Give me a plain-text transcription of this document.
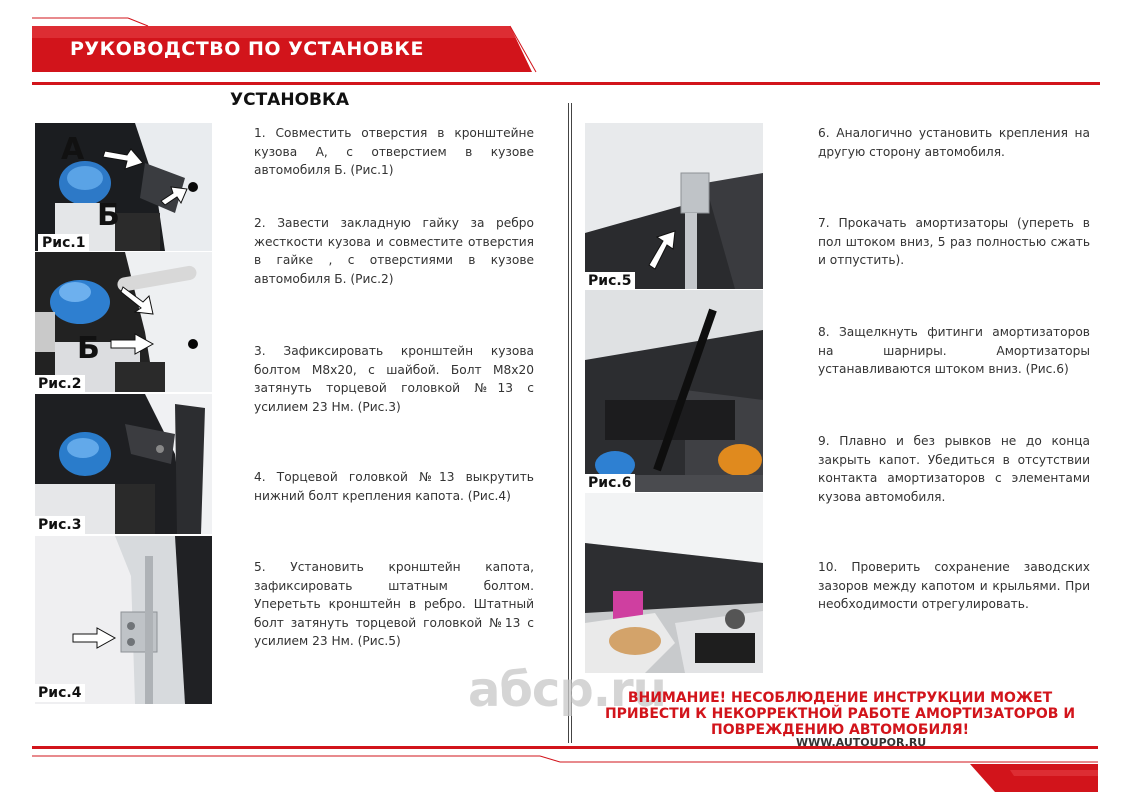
РУКОВОДСТВО ПО УСТАНОВКЕ
УСТАНОВКА
А
Б
Рис.1
Б
Рис.2
Рис.3
Рис.4

1. Совместить отверстия в кронштейне кузова А, с отверстием в кузове автомобиля Б. (Рис.1)

2. Завести закладную гайку за ребро жесткости кузова и совместите отверстия в гайке , с отверстиями в кузове автомобиля Б. (Рис.2)

3. Зафиксировать кронштейн кузова болтом М8х20, с шайбой. Болт М8х20 затянуть торцевой головкой №13 с усилием 23 Нм. (Рис.3)

4. Торцевой головкой №13 выкрутить нижний болт крепления капота. (Рис.4)

5. Установить кронштейн капота, зафиксировать штатным болтом. Уперетьть кронштейн в ребро. Штатный болт затянуть торцевой головкой №13 с усилием 23 Нм. (Рис.5)

Рис.5
Рис.6

6. Аналогично установить крепления на другую сторону автомобиля.

7. Прокачать амортизаторы (упереть в пол штоком вниз, 5 раз полностью сжать и отпустить).

8. Защелкнуть фитинги амортизаторов на шарниры. Амортизаторы устанавливаются штоком вниз. (Рис.6)

9. Плавно и без рывков не до конца закрыть капот. Убедиться в отсутствии контакта амортизаторов с элементами кузова автомобиля.

10. Проверить сохранение заводских зазоров между капотом и крыльями. При необходимости отрегулировать.

aбcp.ru
ВНИМАНИЕ! НЕСОБЛЮДЕНИЕ ИНСТРУКЦИИ МОЖЕТ ПРИВЕСТИ К НЕКОРРЕКТНОЙ РАБОТЕ АМОРТИЗАТОРОВ И ПОВРЕЖДЕНИЮ АВТОМОБИЛЯ!
WWW.AUTOUPOR.RU
